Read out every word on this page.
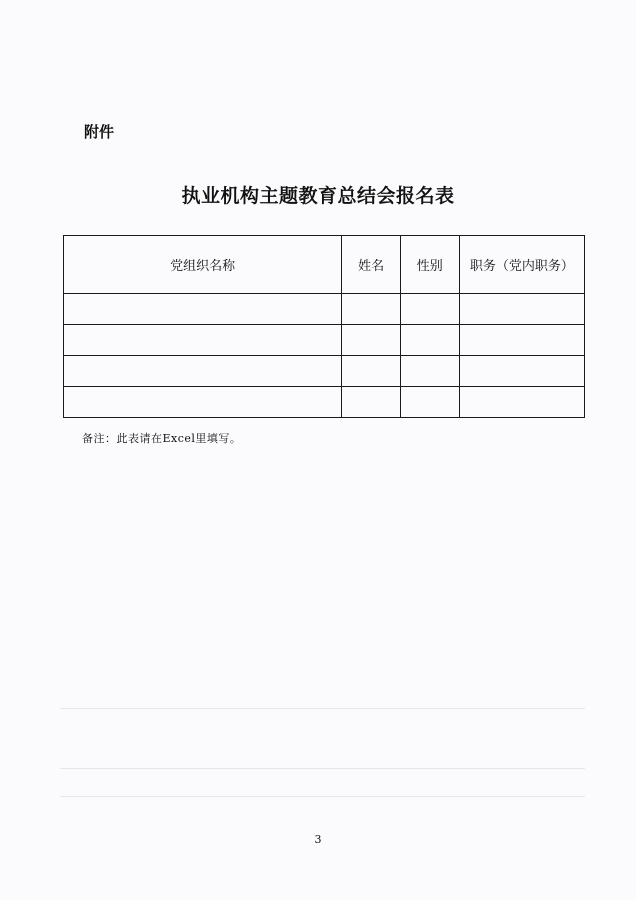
附件
执业机构主题教育总结会报名表
党组织名称	姓名	性别	职务（党内职务）

备注：此表请在Excel里填写。
3
